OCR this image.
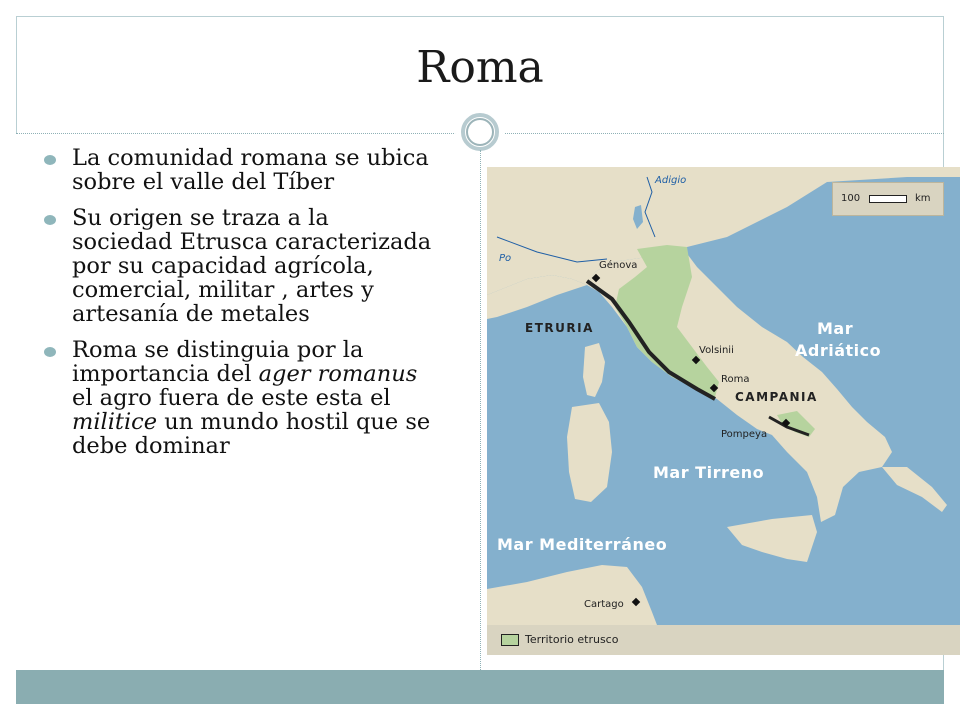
Roma
La comunidad romana se ubica sobre el valle del Tíber
Su origen se traza a la sociedad Etrusca caracterizada por su capacidad agrícola, comercial, militar , artes y artesanía de metales
Roma se distinguia por la importancia del ager romanus el agro fuera de este esta el militice un mundo hostil que se debe dominar
100	km
Adigio
Po
Génova
Volsinii
Roma
Pompeya
Cartago
ETRURIA
CAMPANIA
Mar
Adriático
Mar Tirreno
Mar Mediterráneo
Territorio etrusco
